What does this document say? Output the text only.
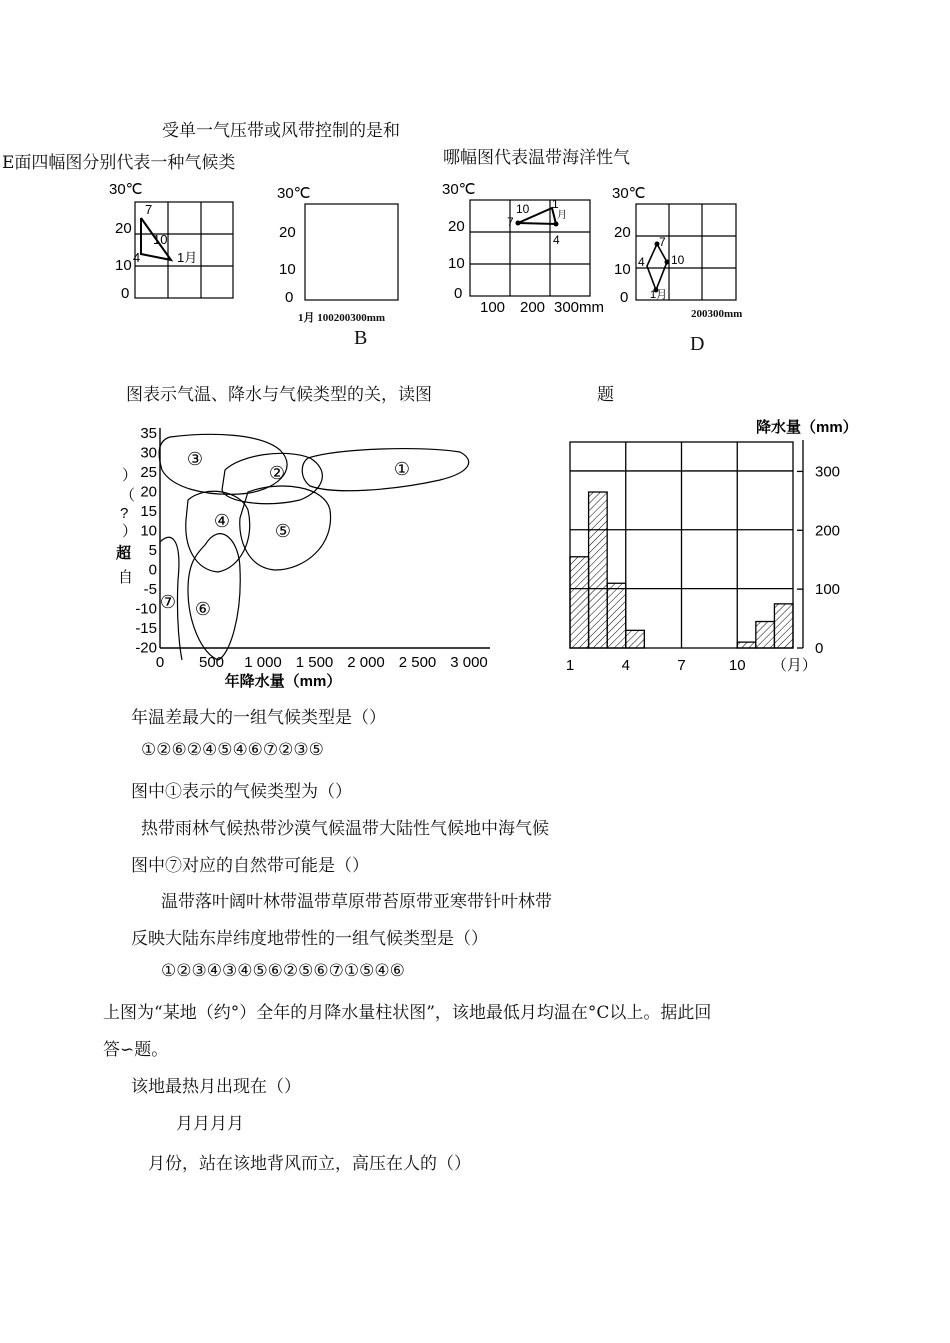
受单一气压带或风带控制的是和
E面四幅图分别代表一种气候类	哪幅图代表温带海洋性气
30℃
20
10
0
7
10
4	1月
30℃
20
10
0
1月 100200300mm
B
30℃
20
10
0
10 1
7	月
4
100 200 300mm
30℃
20
10
0
7
4 10
1月
200300mm
D
图表示气温、降水与气候类型的关，读图	题
35
30
25
20
15
10
5
0
-5
-10
-15
-20
0 500 1 000 1 500 2 000 2 500 3 000
①
②
③
④ ⑤
⑥
⑦
年降水量（mm）
）
（
?
）
超
自
降水量（mm）
0
100
200
300
1	4	7	10 （月）
年温差最大的一组气候类型是（）
①②⑥②④⑤④⑥⑦②③⑤
图中①表示的气候类型为（）
热带雨林气候热带沙漠气候温带大陆性气候地中海气候
图中⑦对应的自然带可能是（）
温带落叶阔叶林带温带草原带苔原带亚寒带针叶林带
反映大陆东岸纬度地带性的一组气候类型是（）
①②③④③④⑤⑥②⑤⑥⑦①⑤④⑥
上图为“某地（约°）全年的月降水量柱状图”，该地最低月均温在°C以上。据此回
答∽题。
该地最热月出现在（）
月月月月
月份，站在该地背风而立，高压在人的（）
